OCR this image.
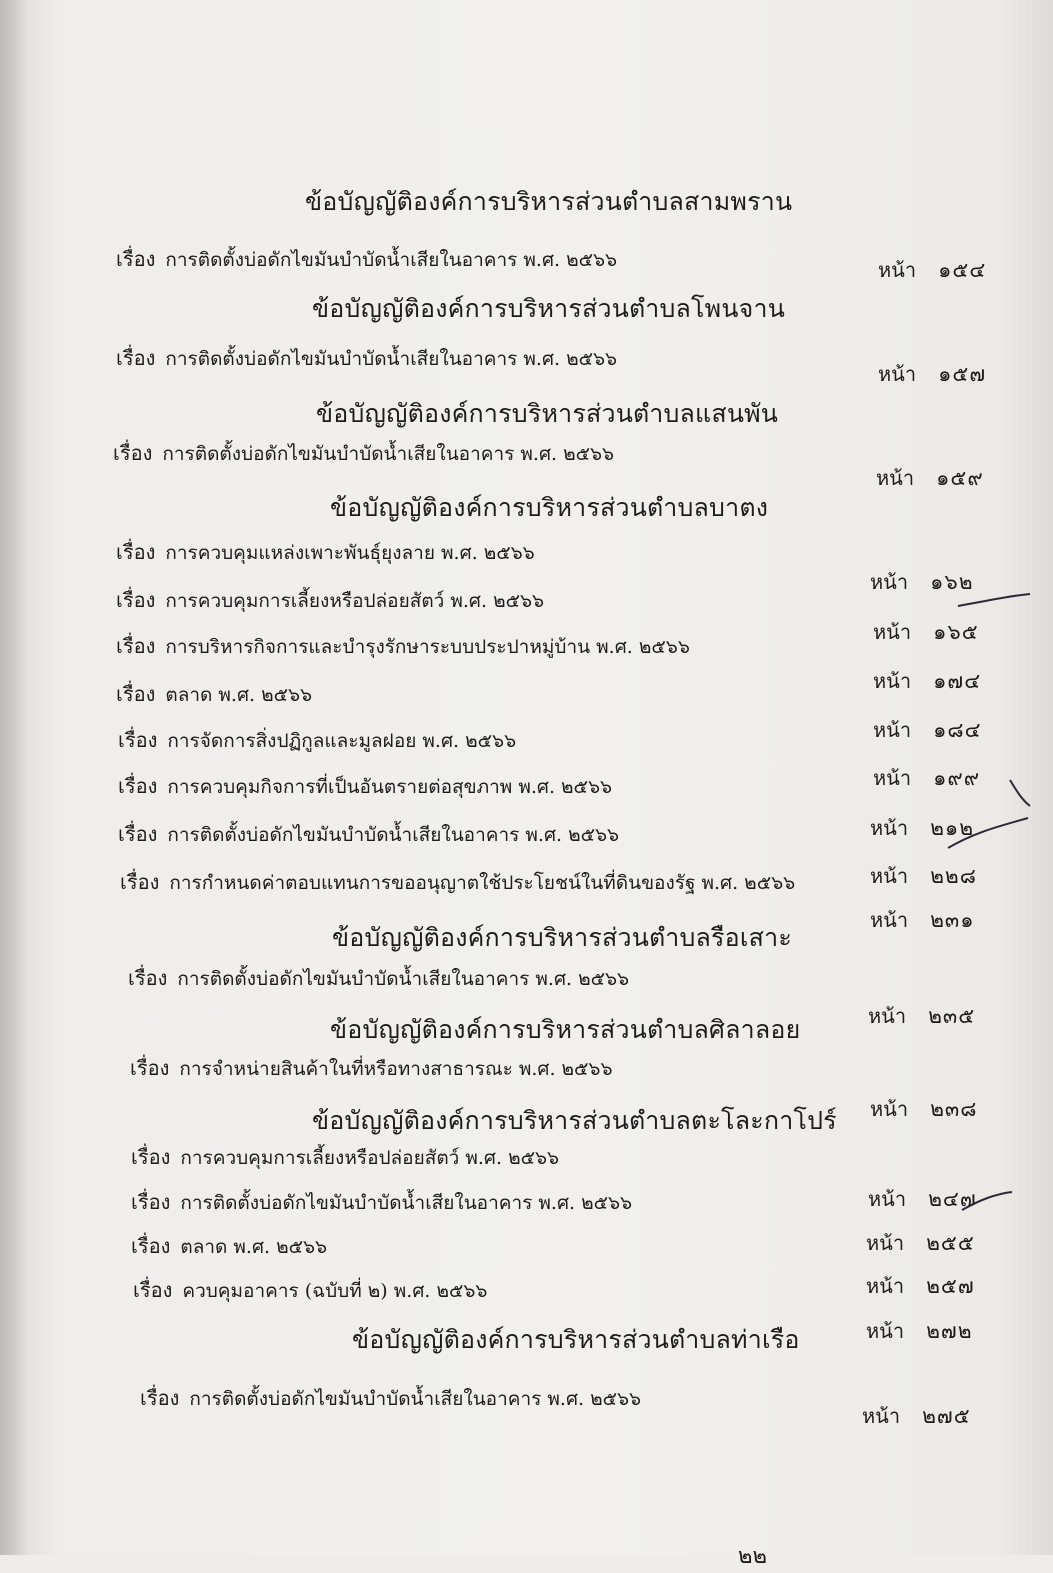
ข้อบัญญัติองค์การบริหารส่วนตำบลสามพราน
เรื่อง การติดตั้งบ่อดักไขมันบำบัดน้ำเสียในอาคาร พ.ศ. ๒๕๖๖	หน้า ๑๕๔
ข้อบัญญัติองค์การบริหารส่วนตำบลโพนจาน
เรื่อง การติดตั้งบ่อดักไขมันบำบัดน้ำเสียในอาคาร พ.ศ. ๒๕๖๖
หน้า ๑๕๗
ข้อบัญญัติองค์การบริหารส่วนตำบลแสนพัน
เรื่อง การติดตั้งบ่อดักไขมันบำบัดน้ำเสียในอาคาร พ.ศ. ๒๕๖๖
หน้า ๑๕๙
ข้อบัญญัติองค์การบริหารส่วนตำบลบาตง
เรื่อง การควบคุมแหล่งเพาะพันธุ์ยุงลาย พ.ศ. ๒๕๖๖
หน้า ๑๖๒
เรื่อง การควบคุมการเลี้ยงหรือปล่อยสัตว์ พ.ศ. ๒๕๖๖
หน้า ๑๖๕
เรื่อง การบริหารกิจการและบำรุงรักษาระบบประปาหมู่บ้าน พ.ศ. ๒๕๖๖
หน้า ๑๗๔
เรื่อง ตลาด พ.ศ. ๒๕๖๖
หน้า ๑๘๔
เรื่อง การจัดการสิ่งปฏิกูลและมูลฝอย พ.ศ. ๒๕๖๖
หน้า ๑๙๙
เรื่อง การควบคุมกิจการที่เป็นอันตรายต่อสุขภาพ พ.ศ. ๒๕๖๖
หน้า ๒๑๒
เรื่อง การติดตั้งบ่อดักไขมันบำบัดน้ำเสียในอาคาร พ.ศ. ๒๕๖๖
หน้า ๒๒๘
เรื่อง การกำหนดค่าตอบแทนการขออนุญาตใช้ประโยชน์ในที่ดินของรัฐ พ.ศ. ๒๕๖๖
หน้า ๒๓๑
ข้อบัญญัติองค์การบริหารส่วนตำบลรือเสาะ
เรื่อง การติดตั้งบ่อดักไขมันบำบัดน้ำเสียในอาคาร พ.ศ. ๒๕๖๖
หน้า ๒๓๕
ข้อบัญญัติองค์การบริหารส่วนตำบลศิลาลอย
เรื่อง การจำหน่ายสินค้าในที่หรือทางสาธารณะ พ.ศ. ๒๕๖๖
หน้า ๒๓๘
ข้อบัญญัติองค์การบริหารส่วนตำบลตะโละกาโปร์
เรื่อง การควบคุมการเลี้ยงหรือปล่อยสัตว์ พ.ศ. ๒๕๖๖
หน้า ๒๔๗
เรื่อง การติดตั้งบ่อดักไขมันบำบัดน้ำเสียในอาคาร พ.ศ. ๒๕๖๖
หน้า ๒๕๕
เรื่อง ตลาด พ.ศ. ๒๕๖๖
หน้า ๒๕๗
เรื่อง ควบคุมอาคาร (ฉบับที่ ๒) พ.ศ. ๒๕๖๖
หน้า ๒๗๒
ข้อบัญญัติองค์การบริหารส่วนตำบลท่าเรือ
เรื่อง การติดตั้งบ่อดักไขมันบำบัดน้ำเสียในอาคาร พ.ศ. ๒๕๖๖
หน้า ๒๗๕
๒๒
